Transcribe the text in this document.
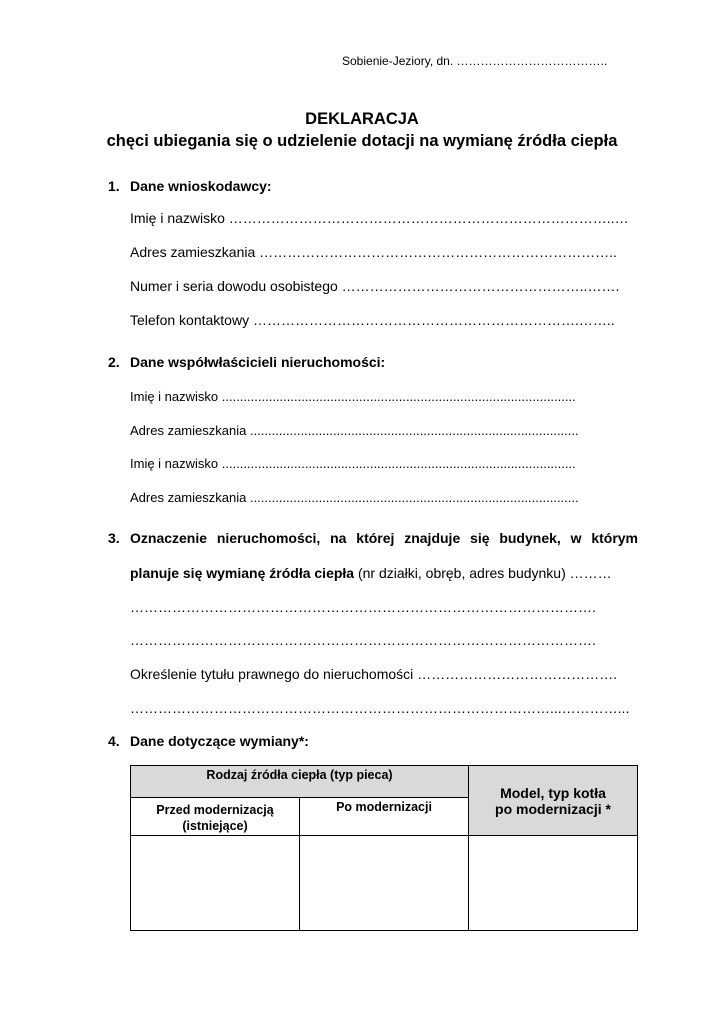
Sobienie-Jeziory, dn. ………………………………..
DEKLARACJA
chęci ubiegania się o udzielenie dotacji na wymianę źródła ciepła
1. Dane wnioskodawcy:
Imię i nazwisko ………………………………………………………………………..…
Adres zamieszkania …………………………………………………………………..
Numer i seria dowodu osobistego ……………………………………………..…….
Telefon kontaktowy …………………………………………………………….……..
2. Dane współwłaścicieli nieruchomości:
Imię i nazwisko ..................................................................................................
Adres zamieszkania ...........................................................................................
Imię i nazwisko ..................................................................................................
Adres zamieszkania ...........................................................................................
3. Oznaczenie nieruchomości, na której znajduje się budynek, w którym
planuje się wymianę źródła ciepła (nr działki, obręb, adres budynku) ………
……………………………………………………………………………………….
……………………………………………………………………………………….
Określenie tytułu prawnego do nieruchomości …………………………………….
………………………………………………………………………………...…………...
4. Dane dotyczące wymiany*:
Rodzaj źródła ciepła (typ pieca)		Model, typ kotła
po modernizacji *

Przed modernizacją (istniejące)	Po modernizacji	
